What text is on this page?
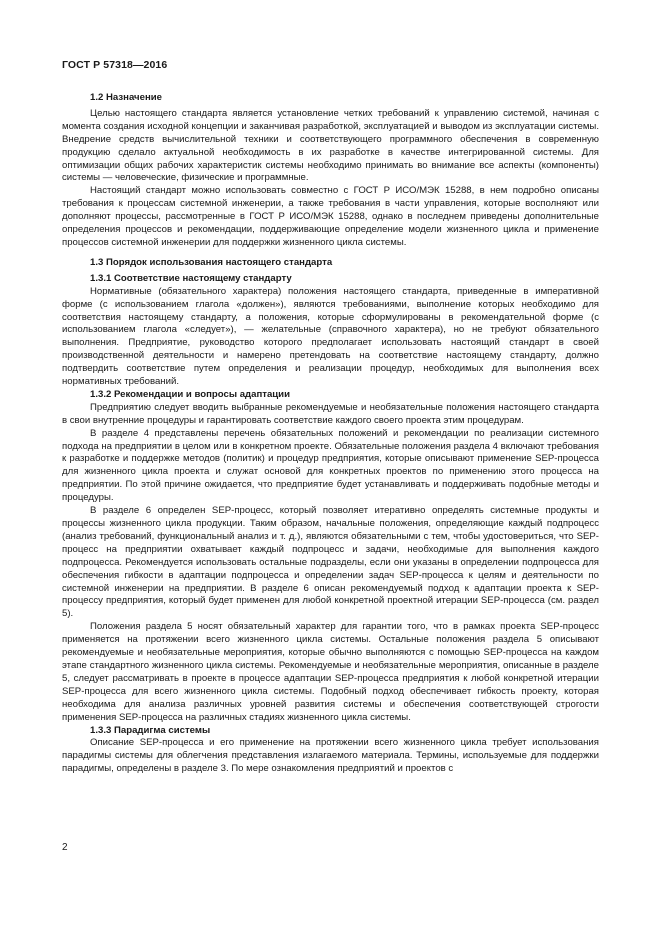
ГОСТ Р 57318—2016
1.2 Назначение

Целью настоящего стандарта является установление четких требований к управлению системой, начиная с момента создания исходной концепции и заканчивая разработкой, эксплуатацией и выводом из эксплуатации системы. Внедрение средств вычислительной техники и соответствующего программного обеспечения в современную продукцию сделало актуальной необходимость в их разработке в качестве интегрированной системы. Для оптимизации общих рабочих характеристик системы необходимо принимать во внимание все аспекты (компоненты) системы — человеческие, физические и программные.

Настоящий стандарт можно использовать совместно с ГОСТ Р ИСО/МЭК 15288, в нем подробно описаны требования к процессам системной инженерии, а также требования в части управления, которые восполняют или дополняют процессы, рассмотренные в ГОСТ Р ИСО/МЭК 15288, однако в последнем приведены дополнительные определения процессов и рекомендации, поддерживающие определение модели жизненного цикла и применение процессов системной инженерии для поддержки жизненного цикла системы.

1.3 Порядок использования настоящего стандарта
1.3.1 Соответствие настоящему стандарту

Нормативные (обязательного характера) положения настоящего стандарта, приведенные в императивной форме (с использованием глагола «должен»), являются требованиями, выполнение которых необходимо для соответствия настоящему стандарту, а положения, которые сформулированы в рекомендательной форме (с использованием глагола «следует»), — желательные (справочного характера), но не требуют обязательного выполнения. Предприятие, руководство которого предполагает использовать настоящий стандарт в своей производственной деятельности и намерено претендовать на соответствие настоящему стандарту, должно подтвердить соответствие путем определения и реализации процедур, необходимых для выполнения всех нормативных требований.

1.3.2 Рекомендации и вопросы адаптации

Предприятию следует вводить выбранные рекомендуемые и необязательные положения настоящего стандарта в свои внутренние процедуры и гарантировать соответствие каждого своего проекта этим процедурам.

В разделе 4 представлены перечень обязательных положений и рекомендации по реализации системного подхода на предприятии в целом или в конкретном проекте. Обязательные положения раздела 4 включают требования к разработке и поддержке методов (политик) и процедур предприятия, которые описывают применение SEP-процесса для жизненного цикла проекта и служат основой для конкретных проектов по применению этого процесса на предприятии. По этой причине ожидается, что предприятие будет устанавливать и поддерживать подобные методы и процедуры.

В разделе 6 определен SEP-процесс, который позволяет итеративно определять системные продукты и процессы жизненного цикла продукции. Таким образом, начальные положения, определяющие каждый подпроцесс (анализ требований, функциональный анализ и т. д.), являются обязательными с тем, чтобы удостовериться, что SEP-процесс на предприятии охватывает каждый подпроцесс и задачи, необходимые для выполнения каждого подпроцесса. Рекомендуется использовать остальные подразделы, если они указаны в определении подпроцесса для обеспечения гибкости в адаптации подпроцесса и определении задач SEP-процесса к целям и деятельности по системной инженерии на предприятии. В разделе 6 описан рекомендуемый подход к адаптации проекта к SEP-процессу предприятия, который будет применен для любой конкретной проектной итерации SEP-процесса (см. раздел 5).

Положения раздела 5 носят обязательный характер для гарантии того, что в рамках проекта SEP-процесс применяется на протяжении всего жизненного цикла системы. Остальные положения раздела 5 описывают рекомендуемые и необязательные мероприятия, которые обычно выполняются с помощью SEP-процесса на каждом этапе стандартного жизненного цикла системы. Рекомендуемые и необязательные мероприятия, описанные в разделе 5, следует рассматривать в проекте в процессе адаптации SEP-процесса предприятия к любой конкретной итерации SEP-процесса для всего жизненного цикла системы. Подобный подход обеспечивает гибкость проекту, которая необходима для анализа различных уровней развития системы и обеспечения соответствующей строгости применения SEP-процесса на различных стадиях жизненного цикла системы.

1.3.3 Парадигма системы

Описание SEP-процесса и его применение на протяжении всего жизненного цикла требует использования парадигмы системы для облегчения представления излагаемого материала. Термины, используемые для поддержки парадигмы, определены в разделе 3. По мере ознакомления предприятий и проектов с

2
